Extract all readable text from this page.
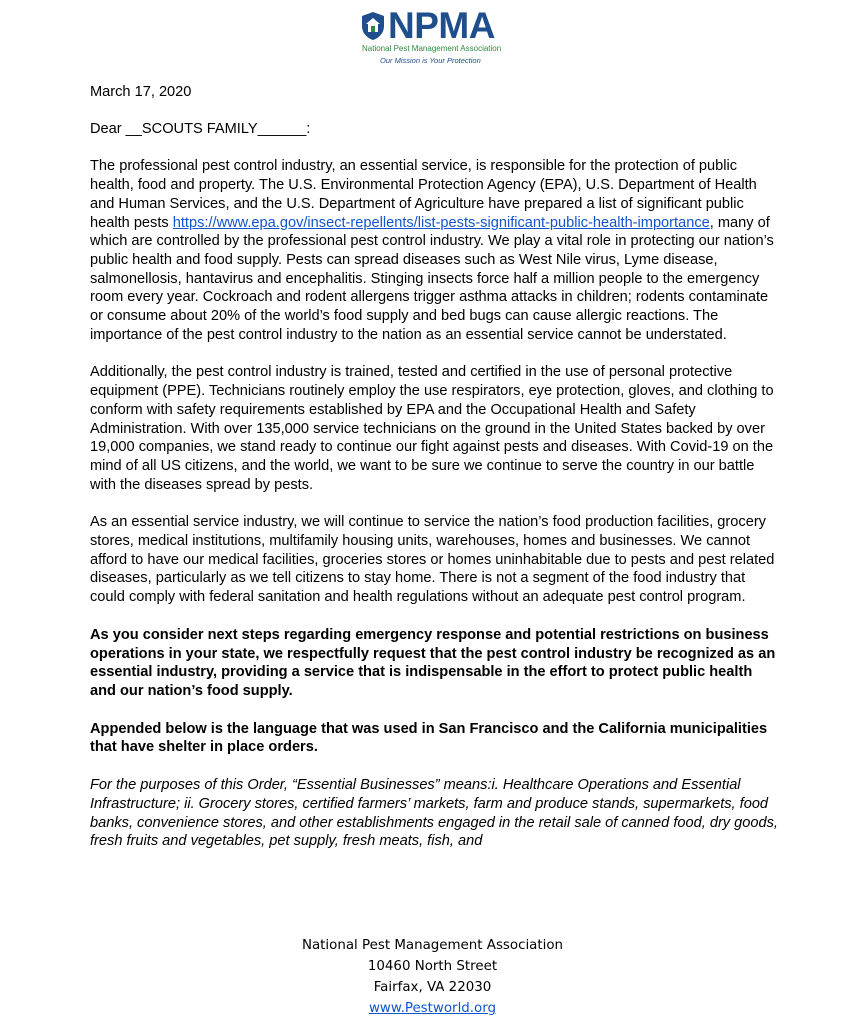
NPMA
National Pest Management Association
Our Mission is Your Protection

March 17, 2020

Dear __SCOUTS FAMILY______:

The professional pest control industry, an essential service, is responsible for the protection of public health, food and property. The U.S. Environmental Protection Agency (EPA), U.S. Department of Health and Human Services, and the U.S. Department of Agriculture have prepared a list of significant public health pests https://www.epa.gov/insect-repellents/list-pests-significant-public-health-importance, many of which are controlled by the professional pest control industry. We play a vital role in protecting our nation’s public health and food supply. Pests can spread diseases such as West Nile virus, Lyme disease, salmonellosis, hantavirus and encephalitis. Stinging insects force half a million people to the emergency room every year. Cockroach and rodent allergens trigger asthma attacks in children; rodents contaminate or consume about 20% of the world’s food supply and bed bugs can cause allergic reactions. The importance of the pest control industry to the nation as an essential service cannot be understated.

Additionally, the pest control industry is trained, tested and certified in the use of personal protective equipment (PPE). Technicians routinely employ the use respirators, eye protection, gloves, and clothing to conform with safety requirements established by EPA and the Occupational Health and Safety Administration. With over 135,000 service technicians on the ground in the United States backed by over 19,000 companies, we stand ready to continue our fight against pests and diseases. With Covid-19 on the mind of all US citizens, and the world, we want to be sure we continue to serve the country in our battle with the diseases spread by pests.

As an essential service industry, we will continue to service the nation’s food production facilities, grocery stores, medical institutions, multifamily housing units, warehouses, homes and businesses. We cannot afford to have our medical facilities, groceries stores or homes uninhabitable due to pests and pest related diseases, particularly as we tell citizens to stay home. There is not a segment of the food industry that could comply with federal sanitation and health regulations without an adequate pest control program.

As you consider next steps regarding emergency response and potential restrictions on business operations in your state, we respectfully request that the pest control industry be recognized as an essential industry, providing a service that is indispensable in the effort to protect public health and our nation’s food supply.

Appended below is the language that was used in San Francisco and the California municipalities that have shelter in place orders.

For the purposes of this Order, “Essential Businesses” means:i. Healthcare Operations and Essential Infrastructure; ii. Grocery stores, certified farmers’ markets, farm and produce stands, supermarkets, food banks, convenience stores, and other establishments engaged in the retail sale of canned food, dry goods, fresh fruits and vegetables, pet supply, fresh meats, fish, and

National Pest Management Association
10460 North Street
Fairfax, VA 22030
www.Pestworld.org
